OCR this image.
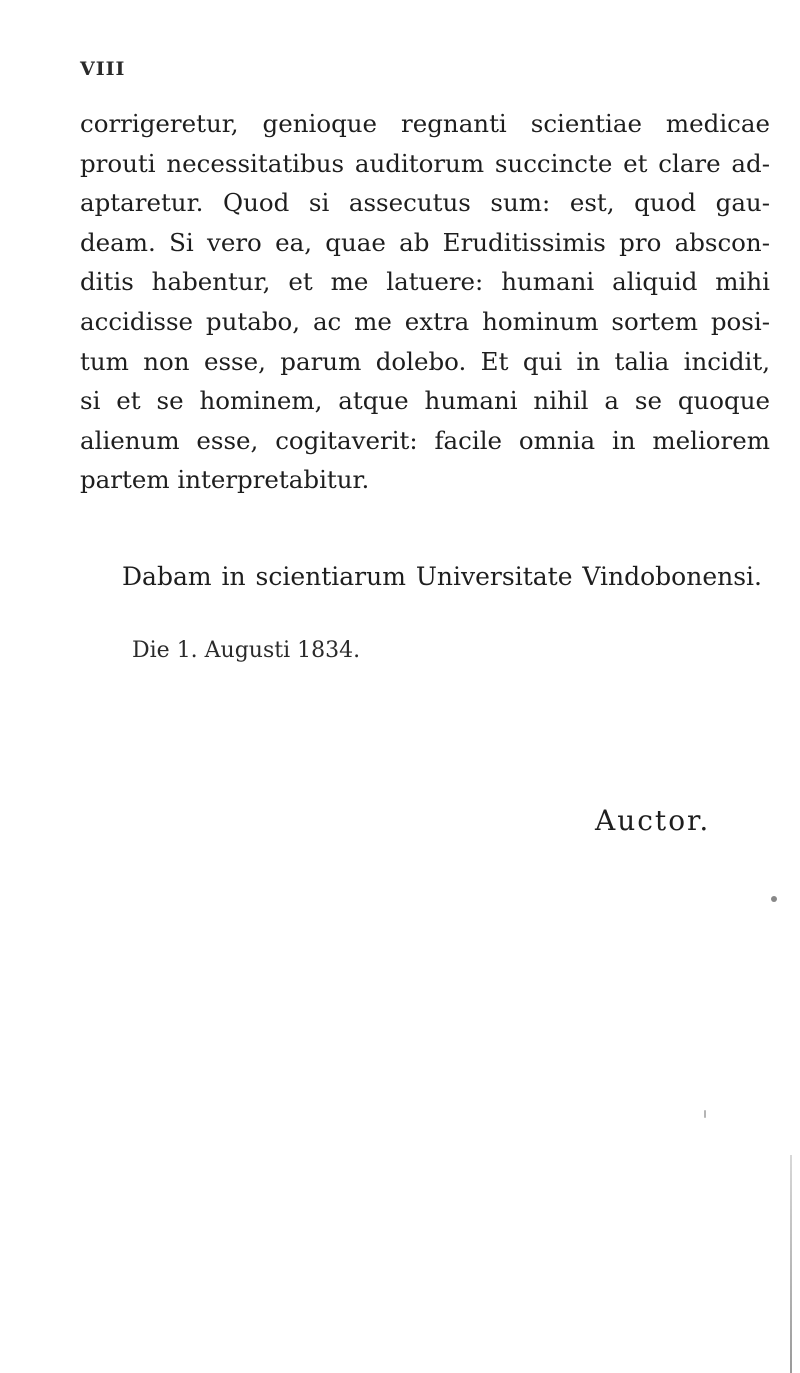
VIII
corrigeretur, genioque regnanti scientiae medicae
prouti necessitatibus auditorum succincte et clare ad-
aptaretur. Quod si assecutus sum: est, quod gau-
deam. Si vero ea, quae ab Eruditissimis pro abscon-
ditis habentur, et me latuere: humani aliquid mihi
accidisse putabo, ac me extra hominum sortem posi-
tum non esse, parum dolebo. Et qui in talia incidit,
si et se hominem, atque humani nihil a se quoque
alienum esse, cogitaverit: facile omnia in meliorem
partem interpretabitur.
Dabam in scientiarum Universitate Vindobonensi.
Die 1. Augusti 1834.
Auctor.
